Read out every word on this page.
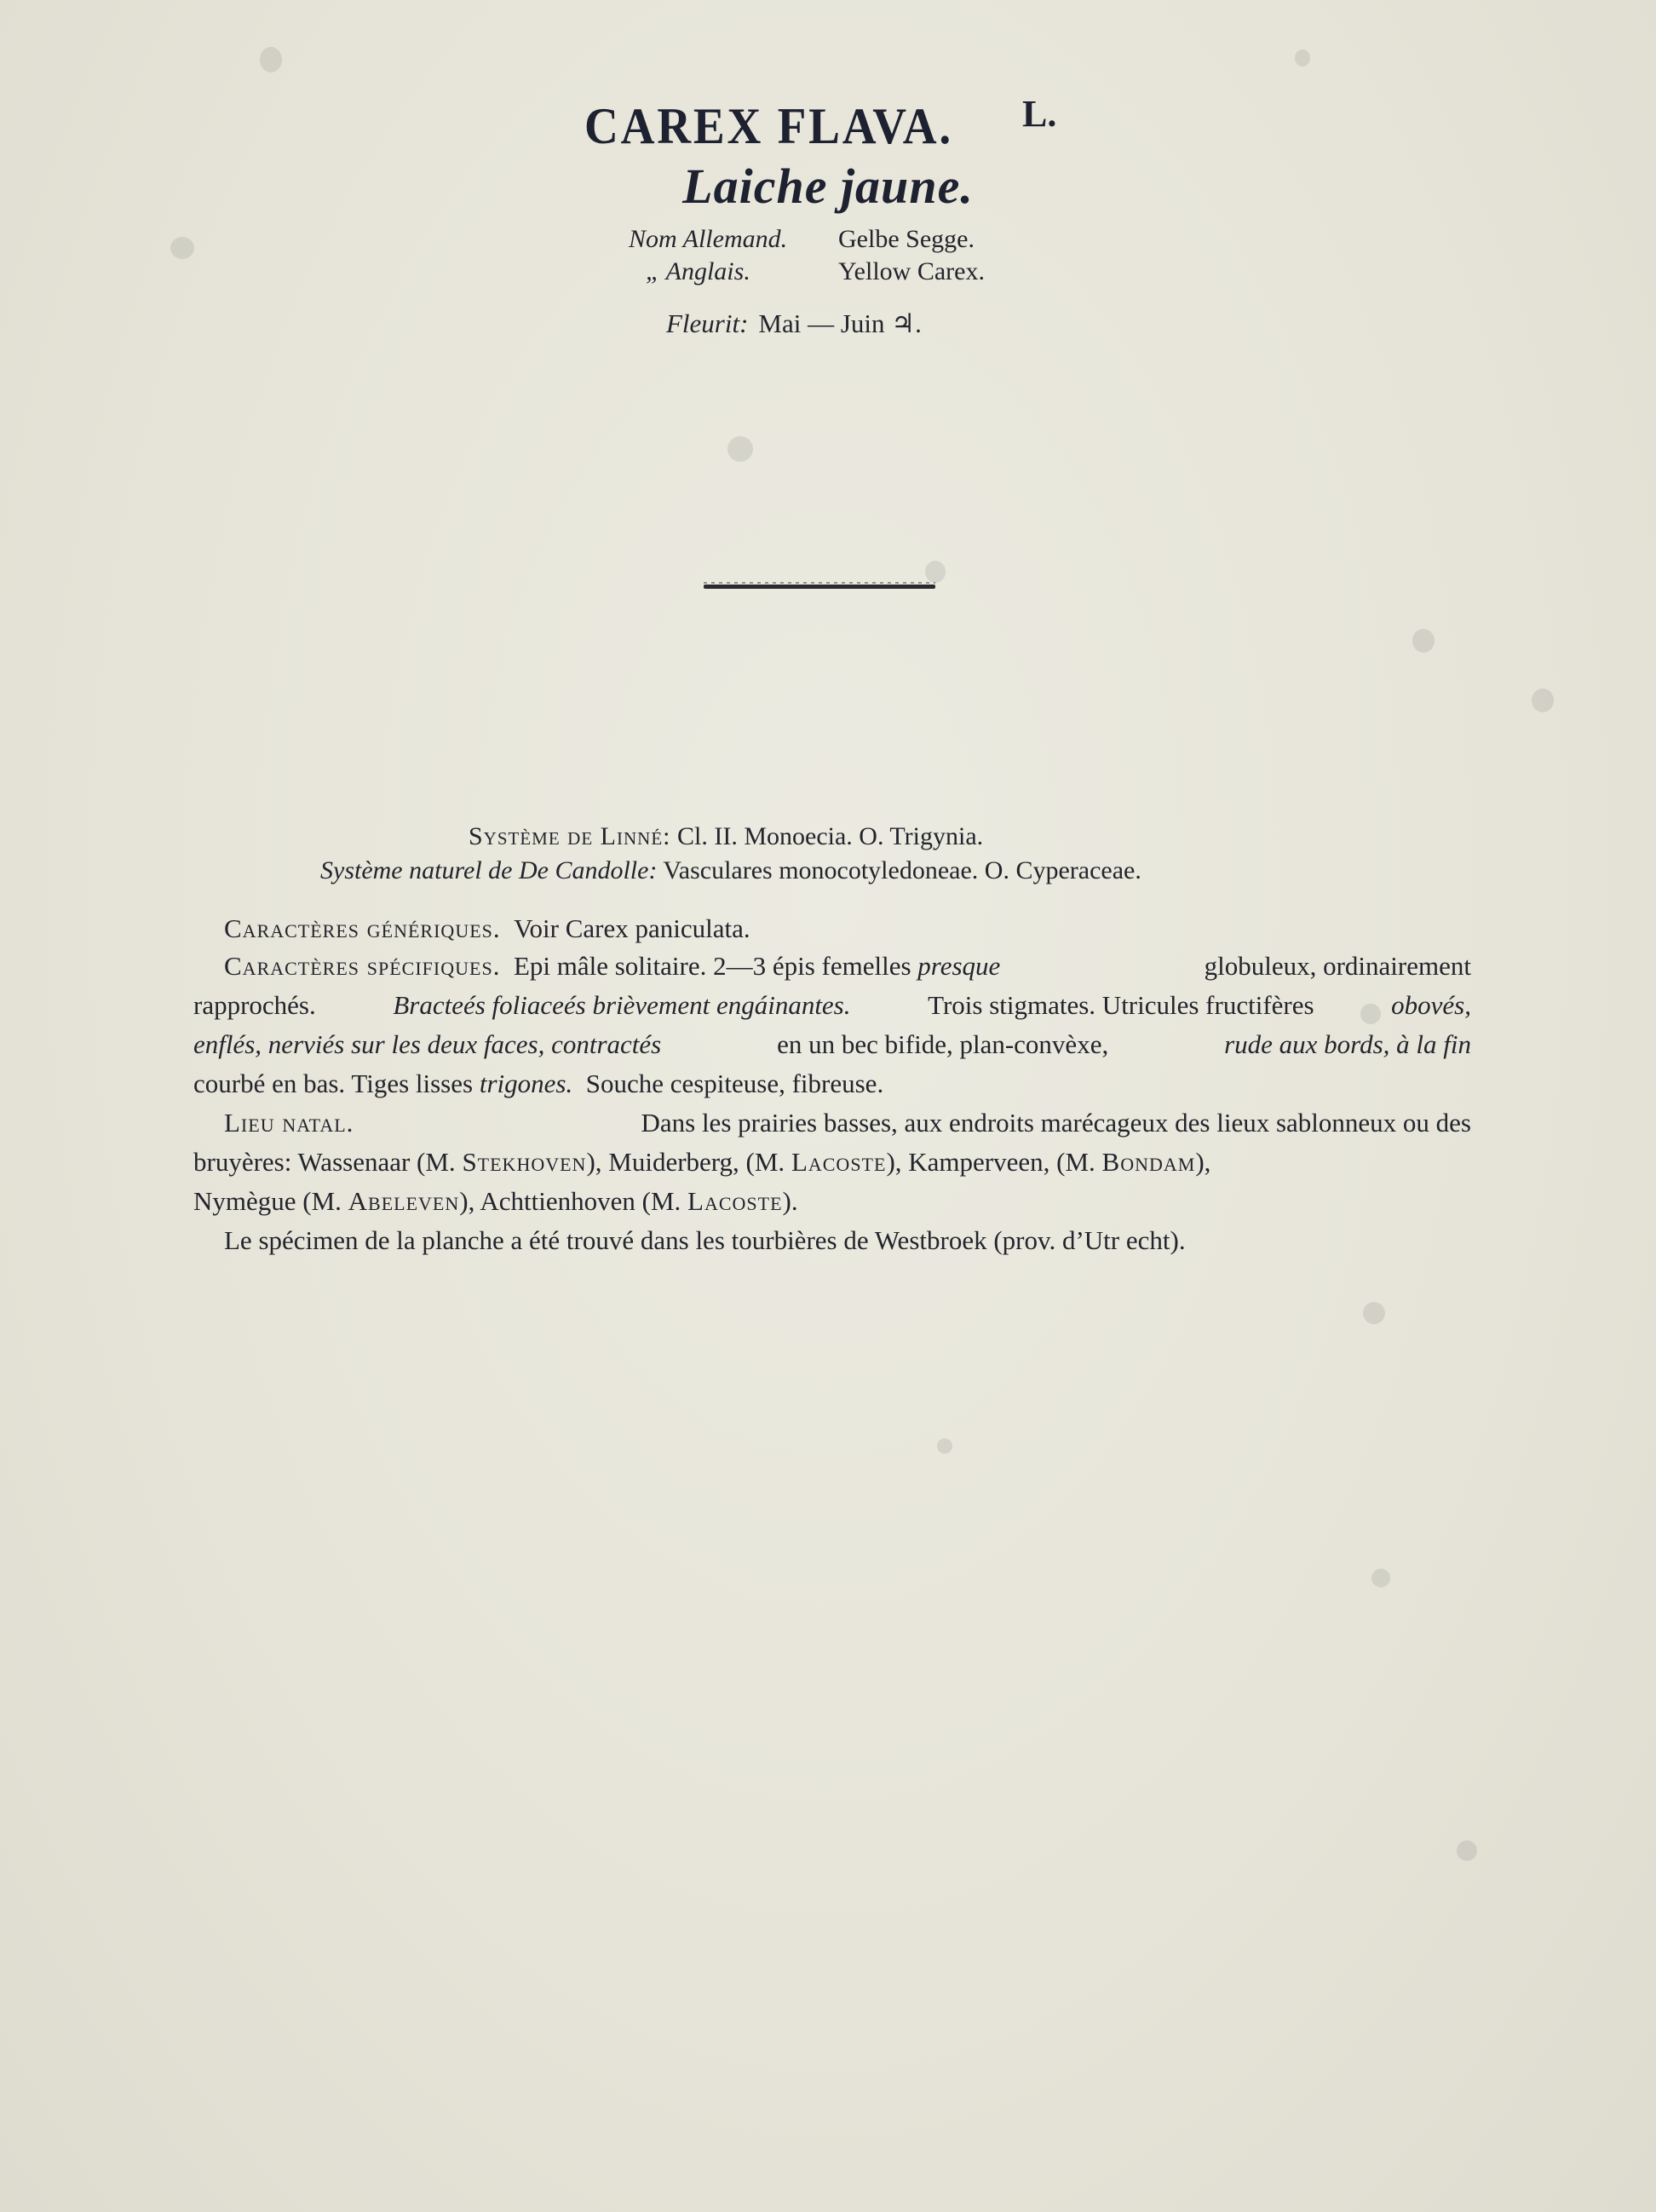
CAREX FLAVA. L.
Laiche jaune.
Nom Allemand. Gelbe Segge.
„ Anglais.	Yellow Carex.
Fleurit: Mai — Juin ♃.
Système de Linné: Cl. II. Monoecia. O. Trigynia.
Système naturel de De Candolle: Vasculares monocotyledoneae. O. Cyperaceae.
Caractères génériques. Voir Carex paniculata.
Caractères spécifiques. Epi mâle solitaire. 2—3 épis femelles presque	globuleux, ordinairement
rapprochés.	Bracteés foliaceés brièvement engáinantes.	Trois stigmates. Utricules fructifères	obovés,
enflés, nerviés sur les deux faces, contractés	en un bec bifide, plan-convèxe,	rude aux bords, à la fin
courbé en bas. Tiges lisses trigones. Souche cespiteuse, fibreuse.
Lieu natal.	Dans les prairies basses, aux endroits marécageux des lieux sablonneux ou des
bruyères: Wassenaar (M. Stekhoven), Muiderberg, (M. Lacoste), Kamperveen, (M. Bondam),
Nymègue (M. Abeleven), Achttienhoven (M. Lacoste).
Le spécimen de la planche a été trouvé dans les tourbières de Westbroek (prov. d’Utr echt).
